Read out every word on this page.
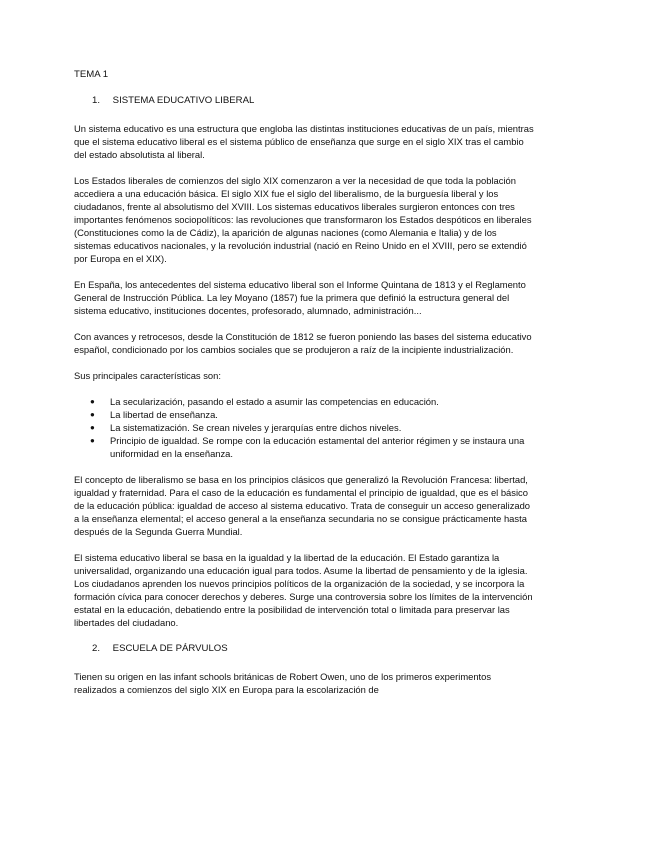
TEMA 1
1. SISTEMA EDUCATIVO LIBERAL

Un sistema educativo es una estructura que engloba las distintas instituciones educativas de un país, mientras que el sistema educativo liberal es el sistema público de enseñanza que surge en el siglo XIX tras el cambio del estado absolutista al liberal.

Los Estados liberales de comienzos del siglo XIX comenzaron a ver la necesidad de que toda la población accediera a una educación básica. El siglo XIX fue el siglo del liberalismo, de la burguesía liberal y los ciudadanos, frente al absolutismo del XVIII. Los sistemas educativos liberales surgieron entonces con tres importantes fenómenos sociopolíticos: las revoluciones que transformaron los Estados despóticos en liberales (Constituciones como la de Cádiz), la aparición de algunas naciones (como Alemania e Italia) y de los sistemas educativos nacionales, y la revolución industrial (nació en Reino Unido en el XVIII, pero se extendió por Europa en el XIX).

En España, los antecedentes del sistema educativo liberal son el Informe Quintana de 1813 y el Reglamento General de Instrucción Pública. La ley Moyano (1857) fue la primera que definió la estructura general del sistema educativo, instituciones docentes, profesorado, alumnado, administración...

Con avances y retrocesos, desde la Constitución de 1812 se fueron poniendo las bases del sistema educativo español, condicionado por los cambios sociales que se produjeron a raíz de la incipiente industrialización.

Sus principales características son:

● La secularización, pasando el estado a asumir las competencias en educación.
● La libertad de enseñanza.
● La sistematización. Se crean niveles y jerarquías entre dichos niveles.
● Principio de igualdad. Se rompe con la educación estamental del anterior régimen y se instaura una uniformidad en la enseñanza.

El concepto de liberalismo se basa en los principios clásicos que generalizó la Revolución Francesa: libertad, igualdad y fraternidad. Para el caso de la educación es fundamental el principio de igualdad, que es el básico de la educación pública: igualdad de acceso al sistema educativo. Trata de conseguir un acceso generalizado a la enseñanza elemental; el acceso general a la enseñanza secundaria no se consigue prácticamente hasta después de la Segunda Guerra Mundial.

El sistema educativo liberal se basa en la igualdad y la libertad de la educación. El Estado garantiza la universalidad, organizando una educación igual para todos. Asume la libertad de pensamiento y de la iglesia. Los ciudadanos aprenden los nuevos principios políticos de la organización de la sociedad, y se incorpora la formación cívica para conocer derechos y deberes. Surge una controversia sobre los límites de la intervención estatal en la educación, debatiendo entre la posibilidad de intervención total o limitada para preservar las libertades del ciudadano.

2. ESCUELA DE PÁRVULOS

Tienen su origen en las infant schools británicas de Robert Owen, uno de los primeros experimentos realizados a comienzos del siglo XIX en Europa para la escolarización de
